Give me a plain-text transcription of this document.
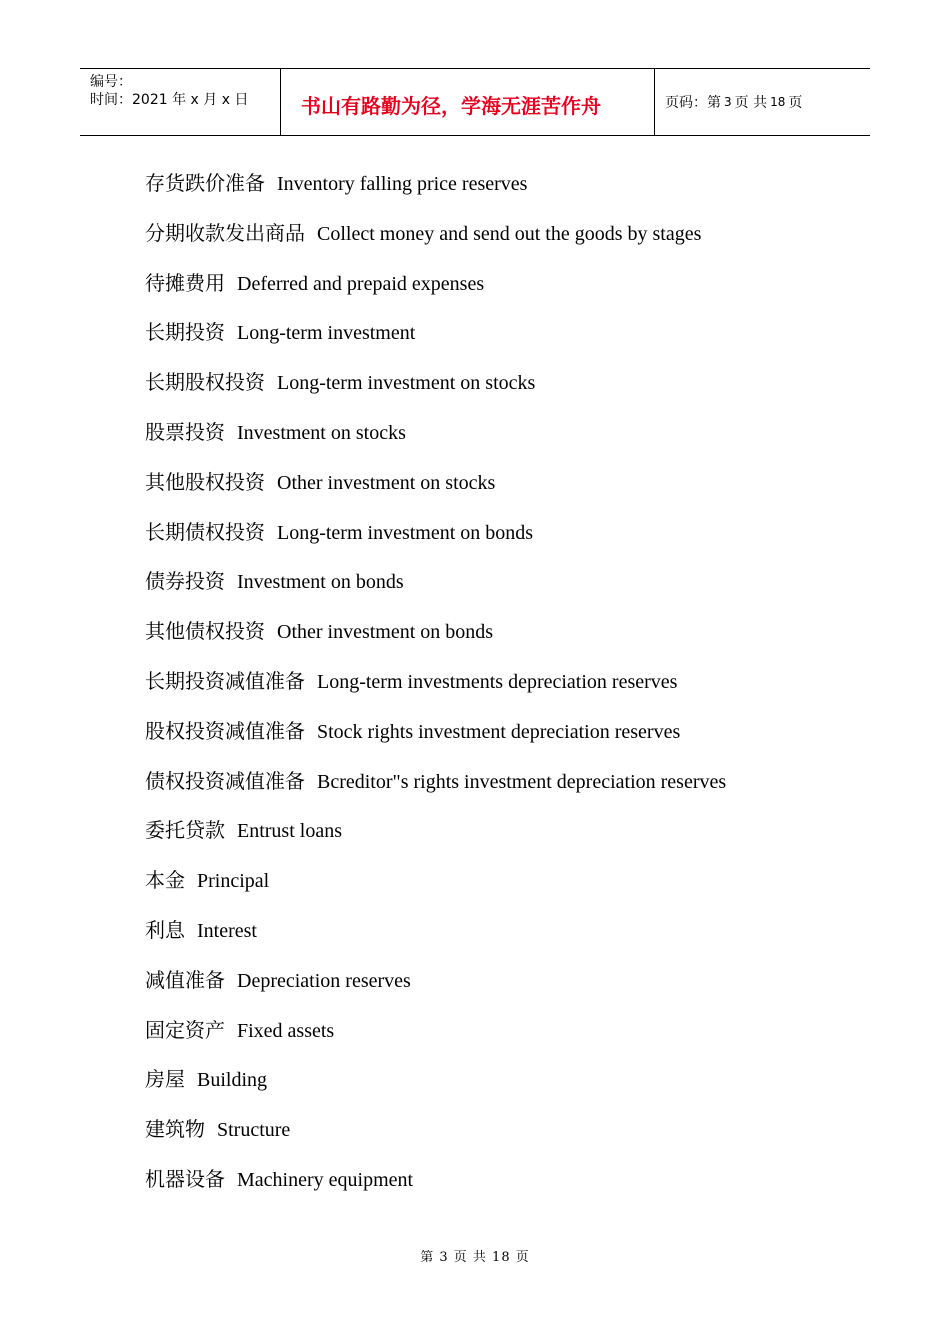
编号：
时间：2021 年 x 月 x 日	书山有路勤为径，学海无涯苦作舟	页码：第 3 页 共 18 页
存货跌价准备 Inventory falling price reserves
分期收款发出商品 Collect money and send out the goods by stages
待摊费用 Deferred and prepaid expenses
长期投资 Long-term investment
长期股权投资 Long-term investment on stocks
股票投资 Investment on stocks
其他股权投资 Other investment on stocks
长期债权投资 Long-term investment on bonds
债券投资 Investment on bonds
其他债权投资 Other investment on bonds
长期投资减值准备 Long-term investments depreciation reserves
股权投资减值准备 Stock rights investment depreciation reserves
债权投资减值准备 Bcreditor"s rights investment depreciation reserves
委托贷款 Entrust loans
本金 Principal
利息 Interest
减值准备 Depreciation reserves
固定资产 Fixed assets
房屋 Building
建筑物 Structure
机器设备 Machinery equipment
第 3 页 共 18 页
